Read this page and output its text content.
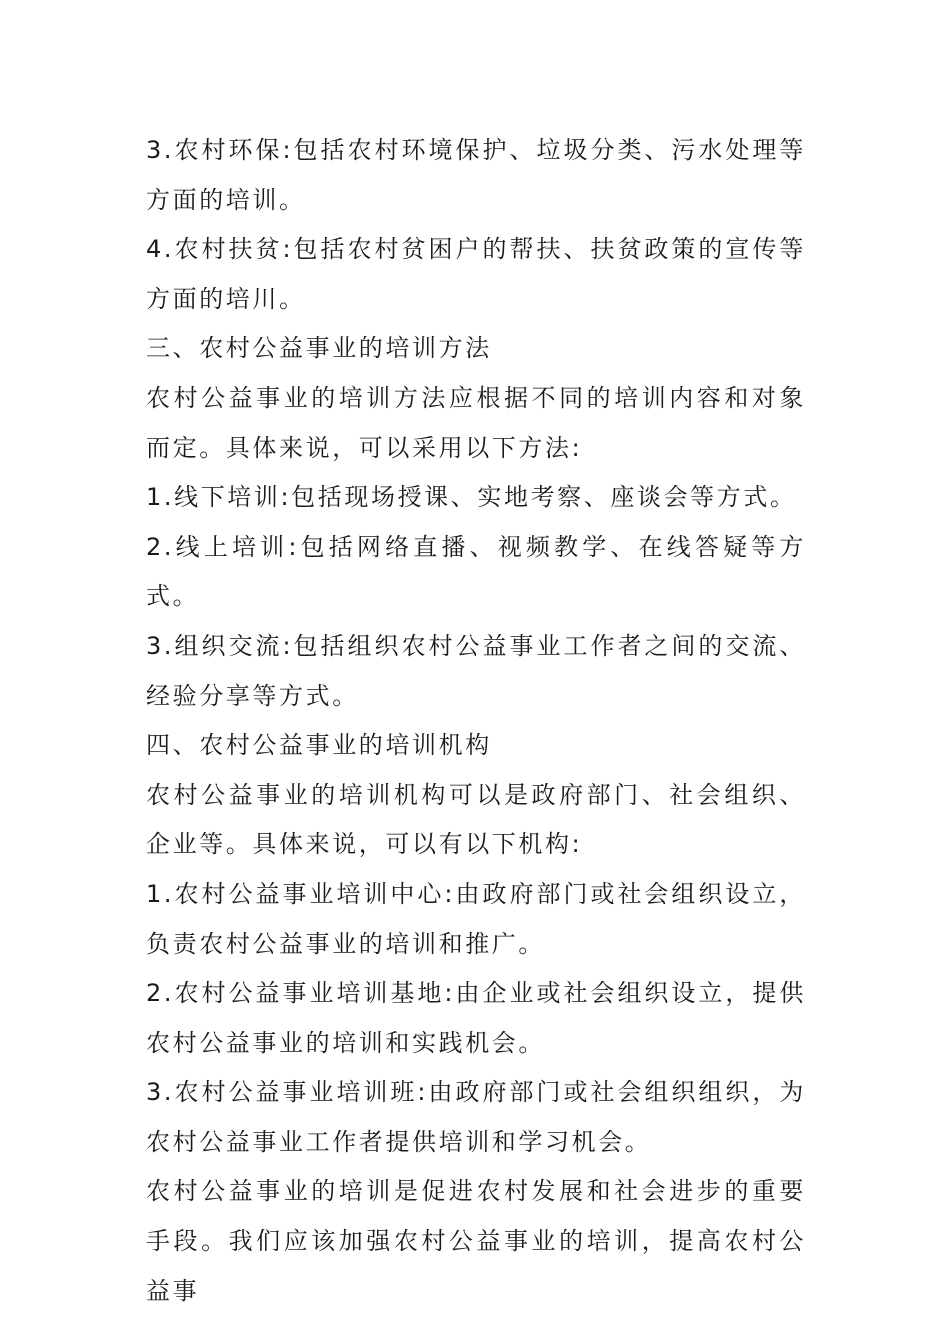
3.农村环保:包括农村环境保护、垃圾分类、污水处理等方面的培训。

4.农村扶贫:包括农村贫困户的帮扶、扶贫政策的宣传等方面的培川。

三、农村公益事业的培训方法

农村公益事业的培训方法应根据不同的培训内容和对象而定。具体来说，可以采用以下方法:

1.线下培训:包括现场授课、实地考察、座谈会等方式。

2.线上培训:包括网络直播、视频教学、在线答疑等方式。

3.组织交流:包括组织农村公益事业工作者之间的交流、经验分享等方式。

四、农村公益事业的培训机构

农村公益事业的培训机构可以是政府部门、社会组织、企业等。具体来说，可以有以下机构:

1.农村公益事业培训中心:由政府部门或社会组织设立，负责农村公益事业的培训和推广。

2.农村公益事业培训基地:由企业或社会组织设立，提供农村公益事业的培训和实践机会。

3.农村公益事业培训班:由政府部门或社会组织组织，为农村公益事业工作者提供培训和学习机会。

农村公益事业的培训是促进农村发展和社会进步的重要手段。我们应该加强农村公益事业的培训，提高农村公益事
